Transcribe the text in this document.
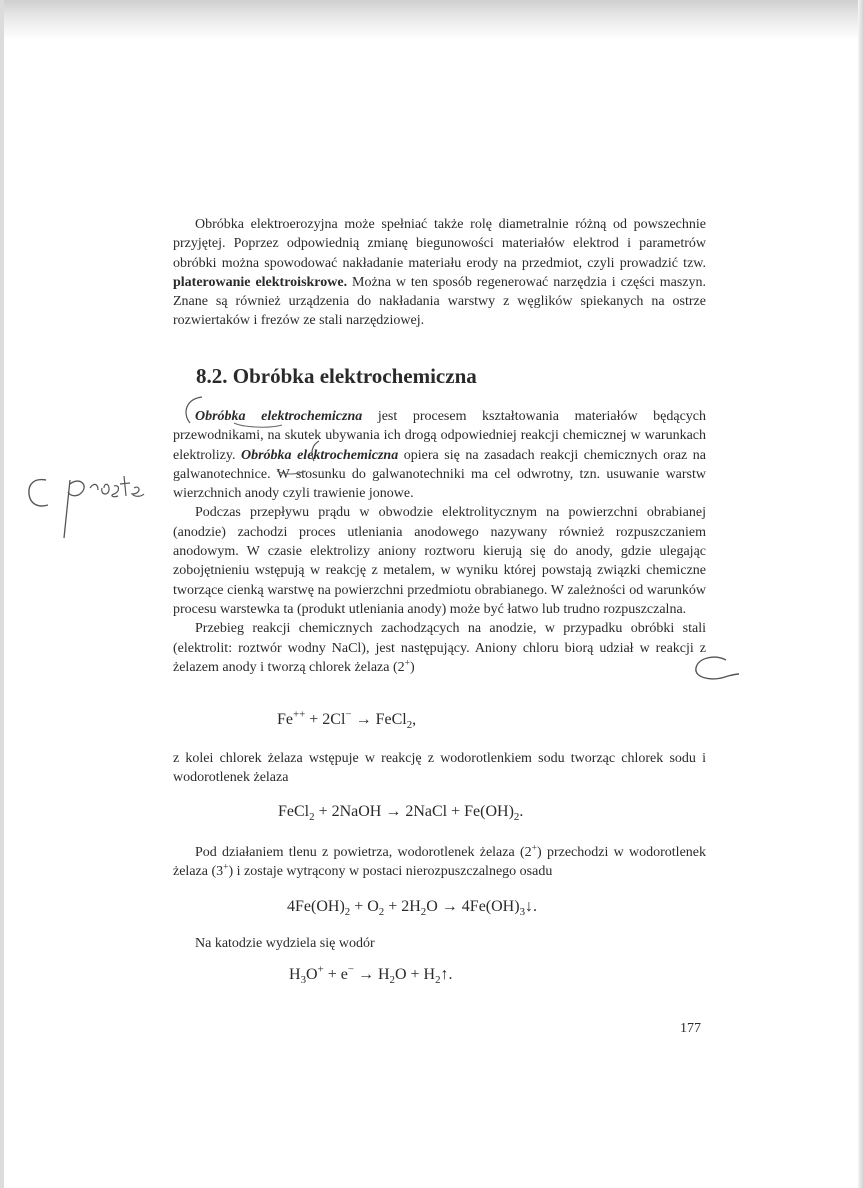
Obróbka elektroerozyjna może spełniać także rolę diametralnie różną od powszechnie przyjętej. Poprzez odpowiednią zmianę biegunowości materiałów elektrod i parametrów obróbki można spowodować nakładanie materiału erody na przedmiot, czyli prowadzić tzw. platerowanie elektroiskrowe. Można w ten sposób regenerować narzędzia i części maszyn. Znane są również urządzenia do nakładania warstwy z węglików spiekanych na ostrze rozwiertaków i frezów ze stali narzędziowej.

8.2. Obróbka elektrochemiczna

Obróbka elektrochemiczna jest procesem kształtowania materiałów będących przewodnikami, na skutek ubywania ich drogą odpowiedniej reakcji chemicznej w warunkach elektrolizy. Obróbka elektrochemiczna opiera się na zasadach reakcji chemicznych oraz na galwanotechnice. W stosunku do galwanotechniki ma cel odwrotny, tzn. usuwanie warstw wierzchnich anody czyli trawienie jonowe.

Podczas przepływu prądu w obwodzie elektrolitycznym na powierzchni obrabianej (anodzie) zachodzi proces utleniania anodowego nazywany również rozpuszczaniem anodowym. W czasie elektrolizy aniony roztworu kierują się do anody, gdzie ulegając zobojętnieniu wstępują w reakcję z metalem, w wyniku której powstają związki chemiczne tworzące cienką warstwę na powierzchni przedmiotu obrabianego. W zależności od warunków procesu warstewka ta (produkt utleniania anody) może być łatwo lub trudno rozpuszczalna.

Przebieg reakcji chemicznych zachodzących na anodzie, w przypadku obróbki stali (elektrolit: roztwór wodny NaCl), jest następujący. Aniony chloru biorą udział w reakcji z żelazem anody i tworzą chlorek żelaza (2+)

Fe++ + 2Cl− → FeCl$_2$,

z kolei chlorek żelaza wstępuje w reakcję z wodorotlenkiem sodu tworząc chlorek sodu i wodorotlenek żelaza

FeCl$_2$ + 2NaOH → 2NaCl + $Fe(OH)_2$.

Pod działaniem tlenu z powietrza, wodorotlenek żelaza (2+) przechodzi w wodorotlenek żelaza (3+) i zostaje wytrącony w postaci nierozpuszczalnego osadu

$4Fe(OH)_2 + O_2 + 2H_2O$ → $4Fe(OH)_3↓$.

Na katodzie wydziela się wodór

$H_3O^+ + e^- \to H_2O$ + $H_2↑$.
177
